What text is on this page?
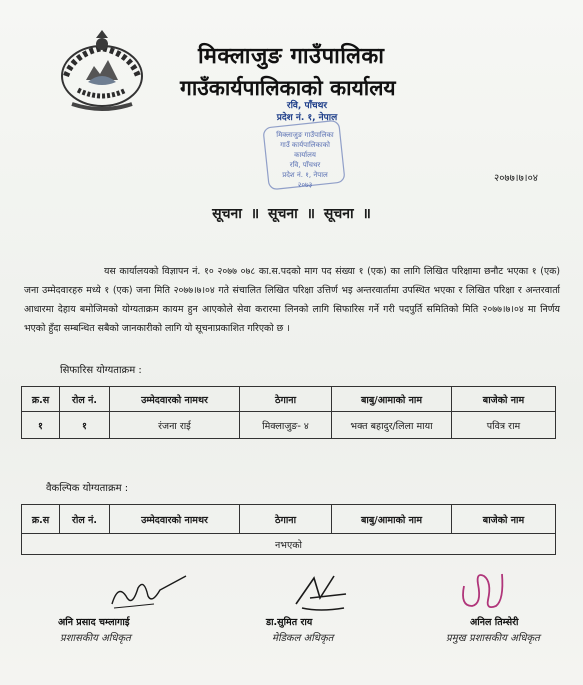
मिक्लाजुङ गाउँपालिका
गाउँकार्यपालिकाको कार्यालय
रवि, पाँचथर
प्रदेश नं. १, नेपाल
मिक्लाजुङ गाउँपालिका
गाउँ कार्यपालिकाको कार्यालय
रवि, पाँचथर
प्रदेश नं. १, नेपाल
२०७३
२०७७।७।०४
सूचना ॥ सूचना ॥ सूचना ॥
यस कार्यालयको विज्ञापन नं. १० २०७७ ०७८ का.स.पदको माग पद संख्या १ (एक) का लागि लिखित परिक्षामा छनौट भएका १ (एक) जना उम्मेदवारहरु मध्ये १ (एक) जना मिति २०७७।७।०४ गते संचालित लिखित परिक्षा उत्तिर्ण भइ अन्तरवार्तामा उपस्थित भएका र लिखित परिक्षा र अन्तरवार्ता आधारमा देहाय बमोजिमको योग्यताक्रम कायम हुन आएकोले सेवा करारमा लिनको लागि सिफारिस गर्ने गरी पदपुर्ति समितिको मिति २०७७।७।०४ मा निर्णय भएको हुँदा सम्बन्धित सबैको जानकारीको लागि यो सूचनाप्रकाशित गरिएको छ ।
सिफारिस योग्यताक्रम :
क्र.स	रोल नं.	उम्मेदवारको नामथर	ठेगाना	बाबु/आमाको नाम	बाजेको नाम
१	१	रंजना राई	मिक्लाजुङ- ४	भक्त बहादुर/लिला माया	पवित्र राम
वैकल्पिक योग्यताक्रम :
क्र.स	रोल नं.	उम्मेदवारको नामथर	ठेगाना	बाबु/आमाको नाम	बाजेको नाम
नभएको
अनि प्रसाद चम्लागाई
प्रशासकीय अधिकृत
डा.सुमित राय
मेडिकल अधिकृत
अनिल तिम्सेरी
प्रमुख प्रशासकीय अधिकृत
